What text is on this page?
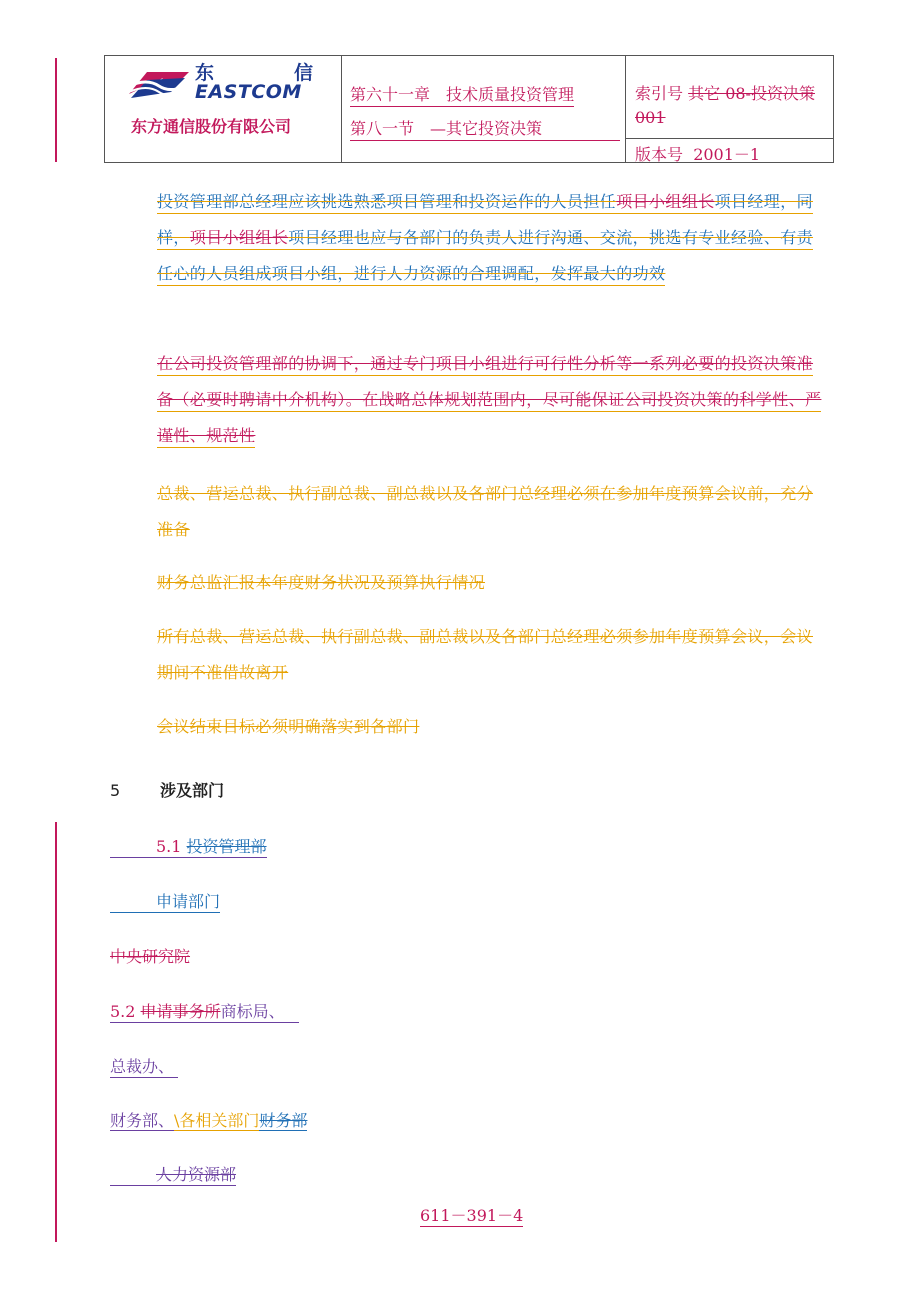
东	信
EASTCOM
东方通信股份有限公司
第六十一章　技术质量投资管理
第八一节　—其它投资决策
索引号 其它 08-投资决策 001
版本号 2001－1
投资管理部总经理应该挑选熟悉项目管理和投资运作的人员担任项目小组组长项目经理，同样，项目小组组长项目经理也应与各部门的负责人进行沟通、交流，挑选有专业经验、有责任心的人员组成项目小组，进行人力资源的合理调配，发挥最大的功效
在公司投资管理部的协调下，通过专门项目小组进行可行性分析等一系列必要的投资决策准备（必要时聘请中介机构）。在战略总体规划范围内，尽可能保证公司投资决策的科学性、严谨性、规范性
总裁、营运总裁、执行副总裁、副总裁以及各部门总经理必须在参加年度预算会议前，充分准备
财务总监汇报本年度财务状况及预算执行情况
所有总裁、营运总裁、执行副总裁、副总裁以及各部门总经理必须参加年度预算会议，会议期间不准借故离开
会议结束目标必须明确落实到各部门
5 涉及部门
5.1 投资管理部
申请部门
中央研究院
5.2 申请事务所商标局、
总裁办、
财务部、\各相关部门财务部
人力资源部
611－391－4
